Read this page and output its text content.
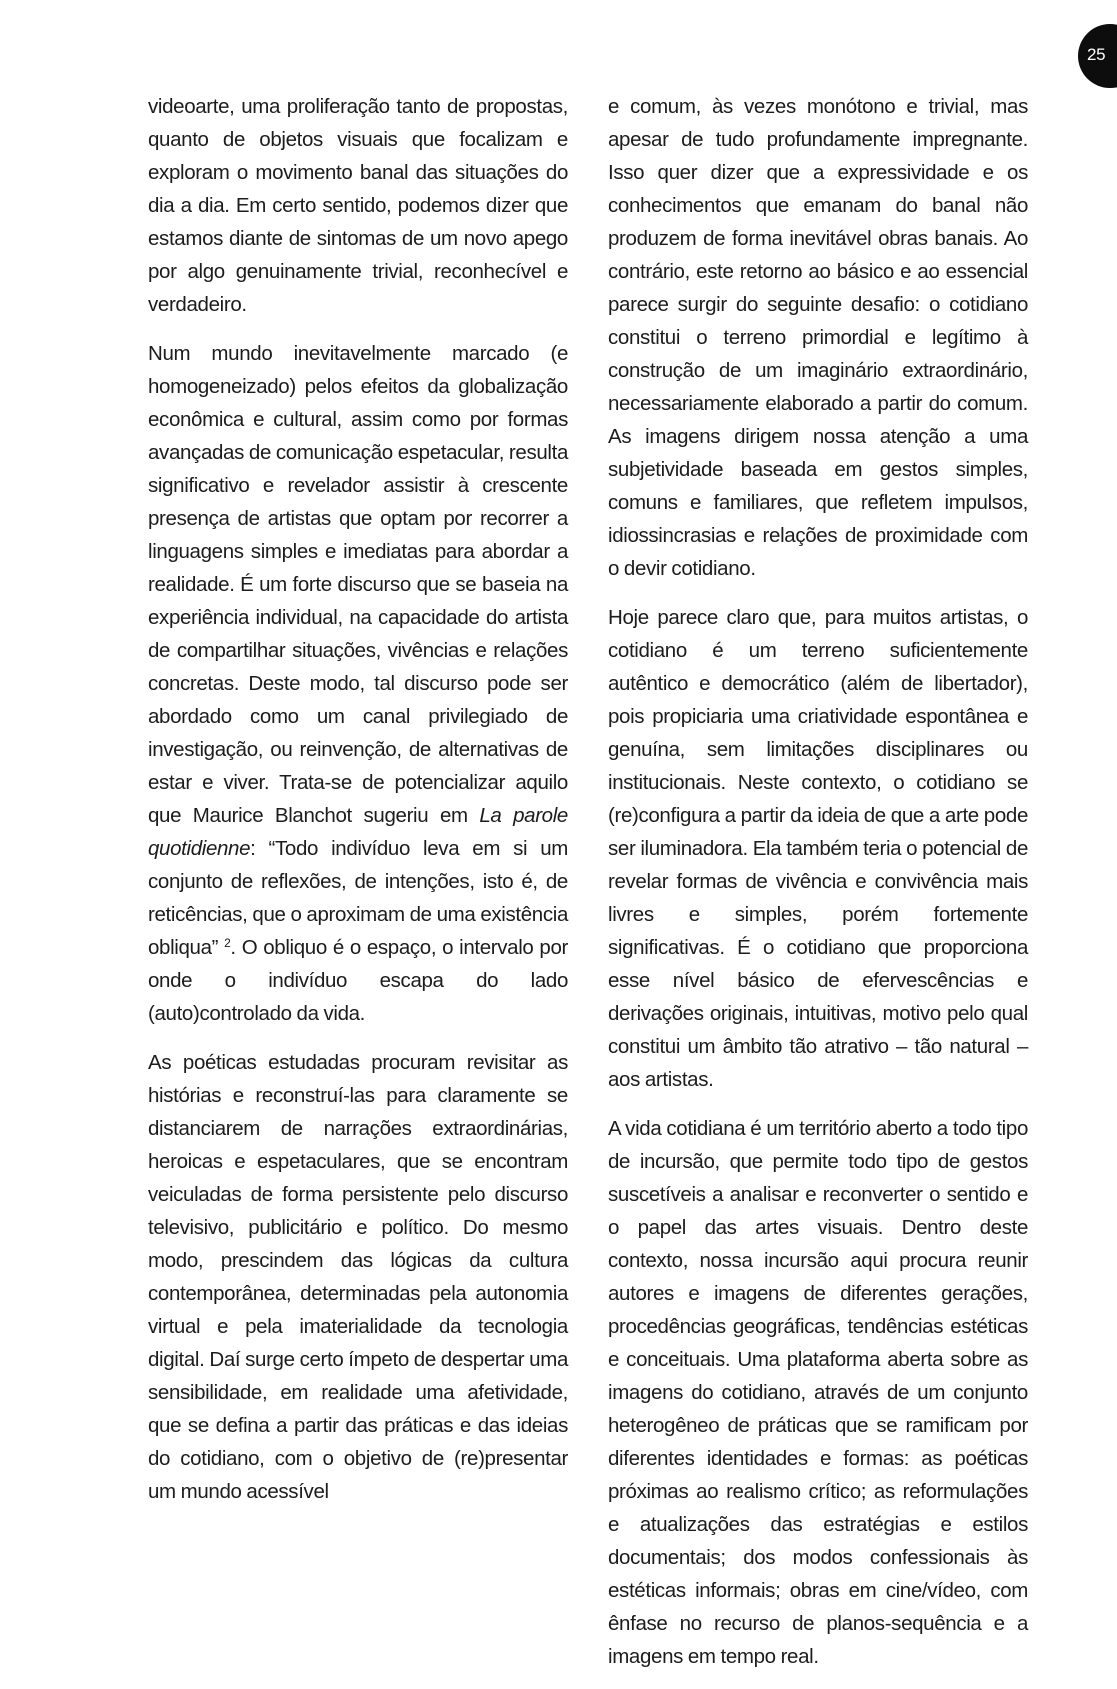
25

videoarte, uma proliferação tanto de propostas, quanto de objetos visuais que focalizam e exploram o movimento banal das situações do dia a dia. Em certo sentido, podemos dizer que estamos diante de sintomas de um novo apego por algo genuinamente trivial, reconhecível e verdadeiro.

Num mundo inevitavelmente marcado (e homogeneizado) pelos efeitos da globalização econômica e cultural, assim como por formas avançadas de comunicação espetacular, resulta significativo e revelador assistir à crescente presença de artistas que optam por recorrer a linguagens simples e imediatas para abordar a realidade. É um forte discurso que se baseia na experiência individual, na capacidade do artista de compartilhar situações, vivências e relações concretas. Deste modo, tal discurso pode ser abordado como um canal privilegiado de investigação, ou reinvenção, de alternativas de estar e viver. Trata-se de potencializar aquilo que Maurice Blanchot sugeriu em La parole quotidienne: “Todo indivíduo leva em si um conjunto de reflexões, de intenções, isto é, de reticências, que o aproximam de uma existência obliqua” $^2$. O obliquo é o espaço, o intervalo por onde o indivíduo escapa do lado (auto)controlado da vida.

As poéticas estudadas procuram revisitar as histórias e reconstruí-las para claramente se distanciarem de narrações extraordinárias, heroicas e espetaculares, que se encontram veiculadas de forma persistente pelo discurso televisivo, publicitário e político. Do mesmo modo, prescindem das lógicas da cultura contemporânea, determinadas pela autonomia virtual e pela imaterialidade da tecnologia digital. Daí surge certo ímpeto de despertar uma sensibilidade, em realidade uma afetividade, que se defina a partir das práticas e das ideias do cotidiano, com o objetivo de (re)presentar um mundo acessível

e comum, às vezes monótono e trivial, mas apesar de tudo profundamente impregnante. Isso quer dizer que a expressividade e os conhecimentos que emanam do banal não produzem de forma inevitável obras banais. Ao contrário, este retorno ao básico e ao essencial parece surgir do seguinte desafio: o cotidiano constitui o terreno primordial e legítimo à construção de um imaginário extraordinário, necessariamente elaborado a partir do comum. As imagens dirigem nossa atenção a uma subjetividade baseada em gestos simples, comuns e familiares, que refletem impulsos, idiossincrasias e relações de proximidade com o devir cotidiano.

Hoje parece claro que, para muitos artistas, o cotidiano é um terreno suficientemente autêntico e democrático (além de libertador), pois propiciaria uma criatividade espontânea e genuína, sem limitações disciplinares ou institucionais. Neste contexto, o cotidiano se (re)configura a partir da ideia de que a arte pode ser iluminadora. Ela também teria o potencial de revelar formas de vivência e convivência mais livres e simples, porém fortemente significativas. É o cotidiano que proporciona esse nível básico de efervescências e derivações originais, intuitivas, motivo pelo qual constitui um âmbito tão atrativo – tão natural – aos artistas.

A vida cotidiana é um território aberto a todo tipo de incursão, que permite todo tipo de gestos suscetíveis a analisar e reconverter o sentido e o papel das artes visuais. Dentro deste contexto, nossa incursão aqui procura reunir autores e imagens de diferentes gerações, procedências geográficas, tendências estéticas e conceituais. Uma plataforma aberta sobre as imagens do cotidiano, através de um conjunto heterogêneo de práticas que se ramificam por diferentes identidades e formas: as poéticas próximas ao realismo crítico; as reformulações e atualizações das estratégias e estilos documentais; dos modos confessionais às estéticas informais; obras em cine/vídeo, com ênfase no recurso de planos-sequência e a imagens em tempo real.
